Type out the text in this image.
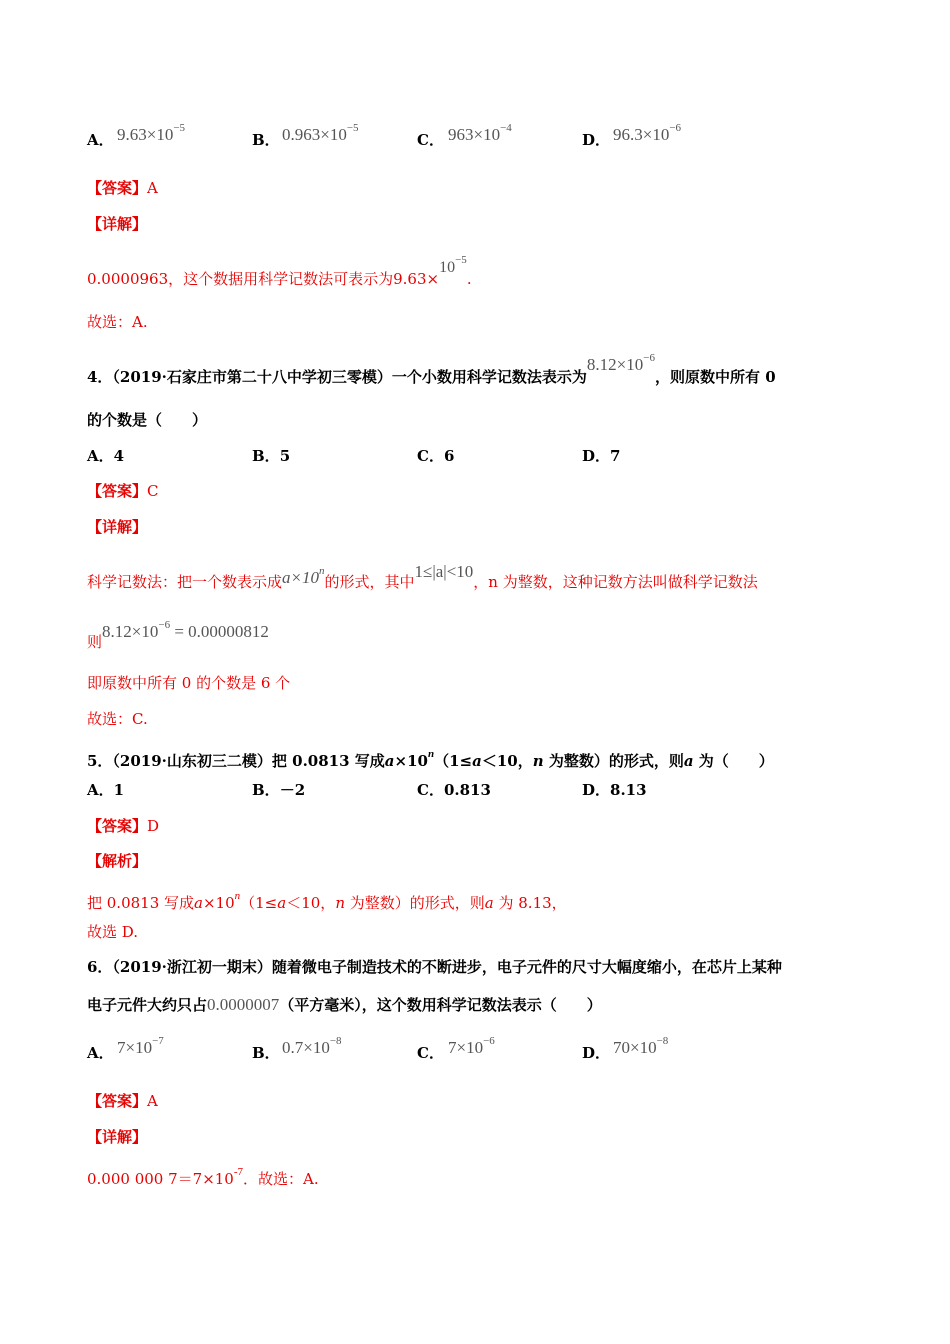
A． $9.63\times 10^{-5}$
B． $0.963\times 10^{-5}$
C． $963\times 10^{-4}$
D． $96.3\times 10^{-6}$
【答案】A
【详解】
0.0000963，这个数据用科学记数法可表示为$9.63\times 10^{-5}$.
故选：A.
4．（2019·石家庄市第二十八中学初三零模）一个小数用科学记数法表示为$8.12\times 10^{-6}$，则原数中所有 0
的个数是（　　）
A．4	B．5	C．6	D．7
【答案】C
【详解】
科学记数法：把一个数表示成$a\times 10^n$的形式，其中1≤|a|<10，n 为整数，这种记数方法叫做科学记数法
则$8.12\times 10^{-6} = 0.00000812$
即原数中所有 0 的个数是 6 个
故选：C.
5．（2019·山东初三二模）把 0.0813 写成$a\times 10^n(1\le a<10$，n 为整数）的形式，则a 为（　　）
A．1	B．－2	C．0.813	D．8.13
【答案】D
【解析】
把 0.0813 写成$a\times 10^n(1\le a<10$，n 为整数）的形式，则a 为 8.13，
故选 D.
6．（2019·浙江初一期末）随着微电子制造技术的不断进步，电子元件的尺寸大幅度缩小，在芯片上某种
电子元件大约只占0.0000007（平方毫米），这个数用科学记数法表示（　　）
A． $7\times 10^{-7}$
B． $0.7\times 10^{-8}$
C． $7\times 10^{-6}$
D． $70\times 10^{-8}$
【答案】A
【详解】
0.000 000 $7=7\times 10^{-7}$．故选：A.
